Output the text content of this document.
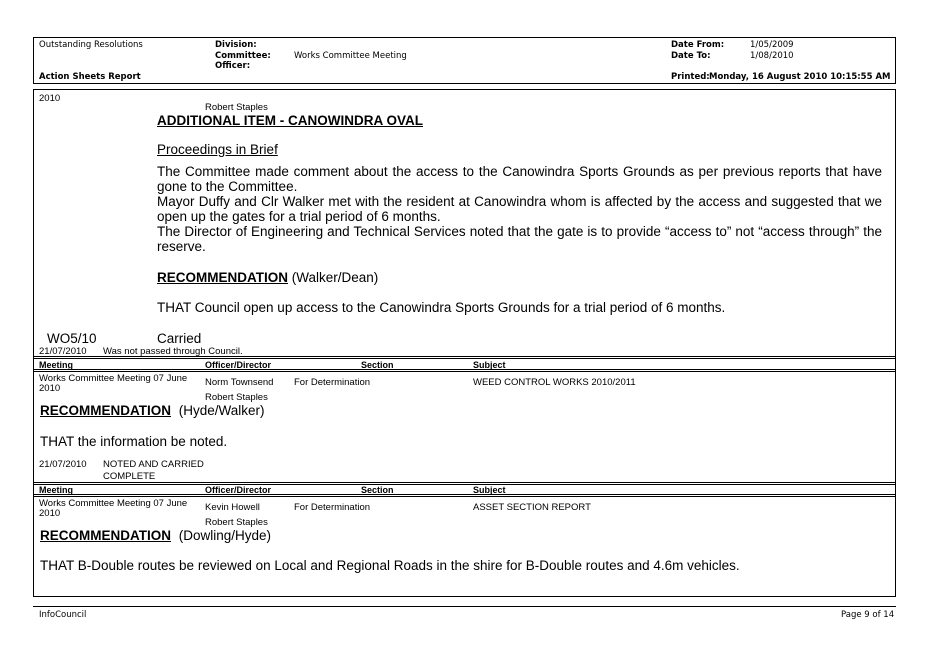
Outstanding Resolutions
Action Sheets Report
Division:
Committee:	Works Committee Meeting
Officer:
Date From:	1/05/2009
Date To:	1/08/2010
Printed: Monday, 16 August 2010 10:15:55 AM
2010
Robert Staples
ADDITIONAL ITEM - CANOWINDRA OVAL
Proceedings in Brief
The Committee made comment about the access to the Canowindra Sports Grounds as per previous reports that have gone to the Committee.
Mayor Duffy and Clr Walker met with the resident at Canowindra whom is affected by the access and suggested that we open up the gates for a trial period of 6 months.
The Director of Engineering and Technical Services noted that the gate is to provide “access to” not “access through” the reserve.
RECOMMENDATION (Walker/Dean)
THAT Council open up access to the Canowindra Sports Grounds for a trial period of 6 months.
WO5/10	Carried
21/07/2010 Was not passed through Council.
Meeting	Officer/Director	Section	Subject
Works Committee Meeting 07 June
2010
Norm Townsend For Determination	WEED CONTROL WORKS 2010/2011
Robert Staples
RECOMMENDATION (Hyde/Walker)
THAT the information be noted.
21/07/2010 NOTED AND CARRIED
COMPLETE
Meeting	Officer/Director	Section	Subject
Works Committee Meeting 07 June
2010
Kevin Howell	For Determination	ASSET SECTION REPORT
Robert Staples
RECOMMENDATION (Dowling/Hyde)
THAT B-Double routes be reviewed on Local and Regional Roads in the shire for B-Double routes and 4.6m vehicles.
InfoCouncil	Page 9 of 14
